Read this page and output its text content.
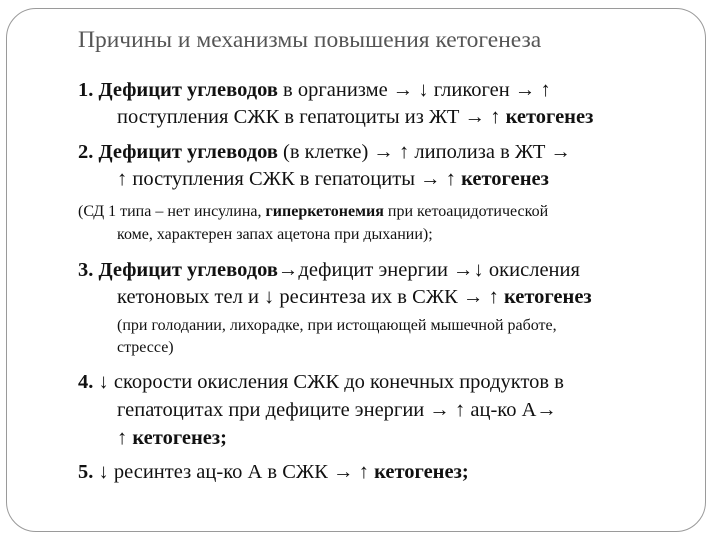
Причины и механизмы повышения кетогенеза
1. Дефицит углеводов в организме → ↓ гликоген → ↑
поступления СЖК в гепатоциты из ЖТ → ↑ кетогенез
2. Дефицит углеводов (в клетке) → ↑ липолиза в ЖТ →
↑ поступления СЖК в гепатоциты → ↑ кетогенез
(СД 1 типа – нет инсулина, гиперкетонемия при кетоацидотической
коме, характерен запах ацетона при дыхании);
3. Дефицит углеводов→дефицит энергии →↓ окисления
кетоновых тел и ↓ ресинтеза их в СЖК → ↑ кетогенез
(при голодании, лихорадке, при истощающей мышечной работе,
стрессе)
4. ↓ скорости окисления СЖК до конечных продуктов в
гепатоцитах при дефиците энергии → ↑ ац-ко А→
↑ кетогенез;
5. ↓ ресинтез ац-ко А в СЖК → ↑ кетогенез;
